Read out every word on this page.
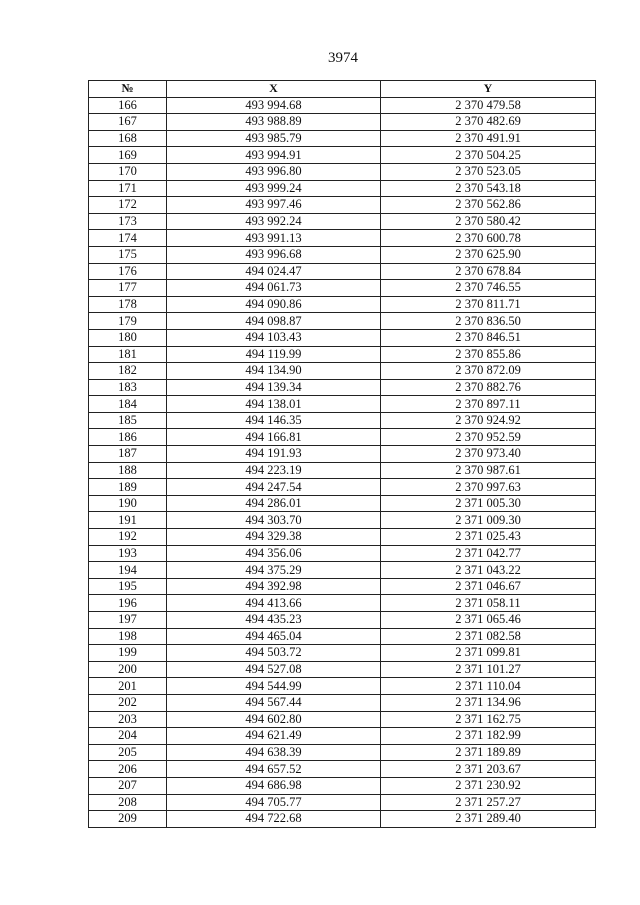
3974
№	X	Y
166	493 994.68	2 370 479.58
167	493 988.89	2 370 482.69
168	493 985.79	2 370 491.91
169	493 994.91	2 370 504.25
170	493 996.80	2 370 523.05
171	493 999.24	2 370 543.18
172	493 997.46	2 370 562.86
173	493 992.24	2 370 580.42
174	493 991.13	2 370 600.78
175	493 996.68	2 370 625.90
176	494 024.47	2 370 678.84
177	494 061.73	2 370 746.55
178	494 090.86	2 370 811.71
179	494 098.87	2 370 836.50
180	494 103.43	2 370 846.51
181	494 119.99	2 370 855.86
182	494 134.90	2 370 872.09
183	494 139.34	2 370 882.76
184	494 138.01	2 370 897.11
185	494 146.35	2 370 924.92
186	494 166.81	2 370 952.59
187	494 191.93	2 370 973.40
188	494 223.19	2 370 987.61
189	494 247.54	2 370 997.63
190	494 286.01	2 371 005.30
191	494 303.70	2 371 009.30
192	494 329.38	2 371 025.43
193	494 356.06	2 371 042.77
194	494 375.29	2 371 043.22
195	494 392.98	2 371 046.67
196	494 413.66	2 371 058.11
197	494 435.23	2 371 065.46
198	494 465.04	2 371 082.58
199	494 503.72	2 371 099.81
200	494 527.08	2 371 101.27
201	494 544.99	2 371 110.04
202	494 567.44	2 371 134.96
203	494 602.80	2 371 162.75
204	494 621.49	2 371 182.99
205	494 638.39	2 371 189.89
206	494 657.52	2 371 203.67
207	494 686.98	2 371 230.92
208	494 705.77	2 371 257.27
209	494 722.68	2 371 289.40
